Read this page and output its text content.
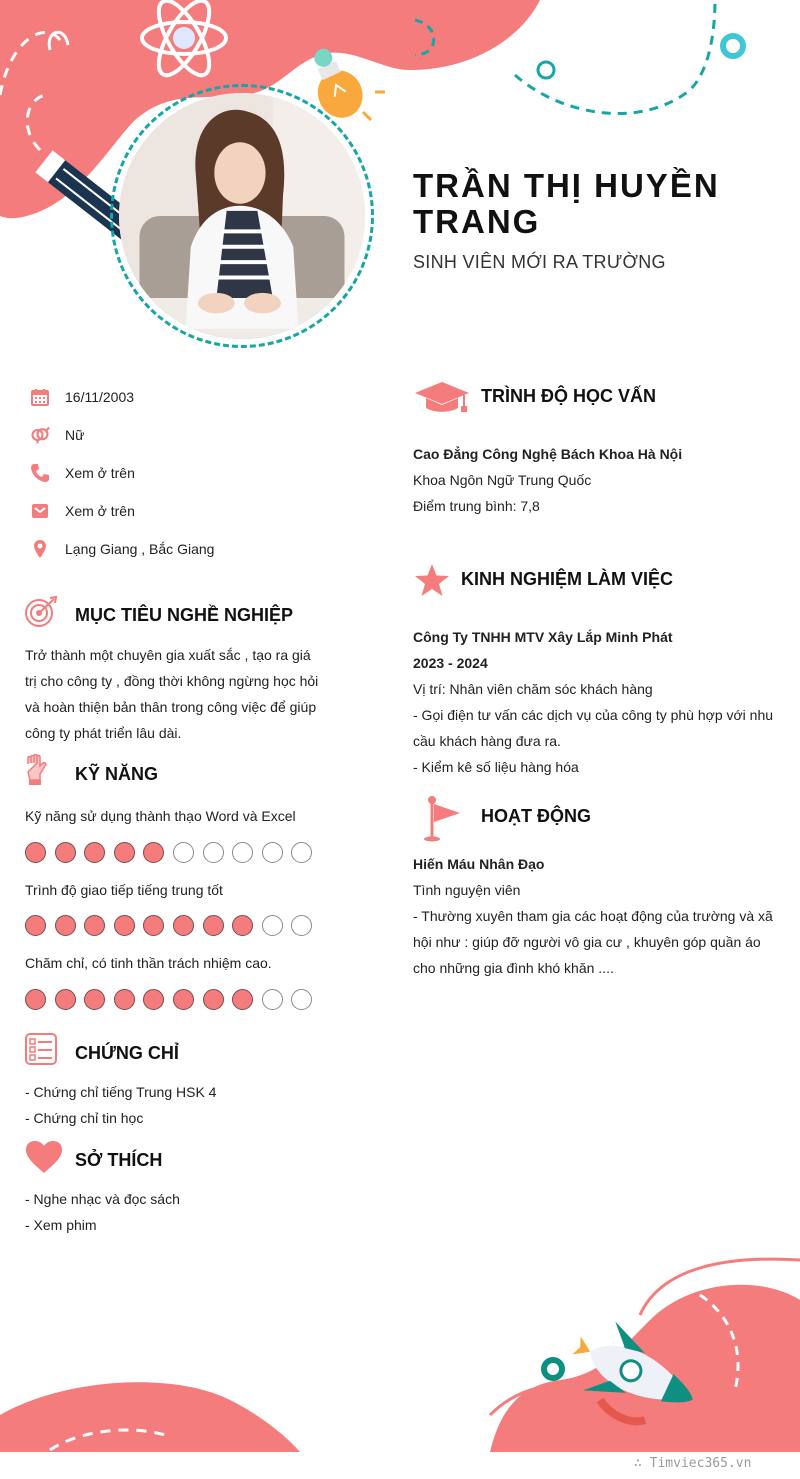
TRẦN THỊ HUYỀN TRANG
SINH VIÊN MỚI RA TRƯỜNG
16/11/2003
Nữ
Xem ở trên
Xem ở trên
Lạng Giang , Bắc Giang
MỤC TIÊU NGHỀ NGHIỆP
Trở thành một chuyên gia xuất sắc , tạo ra giá
trị cho công ty , đồng thời không ngừng học hỏi
và hoàn thiện bản thân trong công việc để giúp
công ty phát triển lâu dài.
KỸ NĂNG
Kỹ năng sử dụng thành thạo Word và Excel
Trình độ giao tiếp tiếng trung tốt
Chăm chỉ, có tinh thần trách nhiệm cao.
CHỨNG CHỈ
- Chứng chỉ tiếng Trung HSK 4
- Chứng chỉ tin học
SỞ THÍCH
- Nghe nhạc và đọc sách
- Xem phim
TRÌNH ĐỘ HỌC VẤN
Cao Đẳng Công Nghệ Bách Khoa Hà Nội
Khoa Ngôn Ngữ Trung Quốc
Điểm trung bình: 7,8
KINH NGHIỆM LÀM VIỆC
Công Ty TNHH MTV Xây Lắp Minh Phát
2023 - 2024
Vị trí: Nhân viên chăm sóc khách hàng
- Gọi điện tư vấn các dịch vụ của công ty phù hợp với nhu
cầu khách hàng đưa ra.
- Kiểm kê số liệu hàng hóa
HOẠT ĐỘNG
Hiến Máu Nhân Đạo
Tình nguyện viên
- Thường xuyên tham gia các hoạt động của trường và xã
hội như : giúp đỡ người vô gia cư , khuyên góp quần áo
cho những gia đình khó khăn ....
∴ Timviec365.vn
